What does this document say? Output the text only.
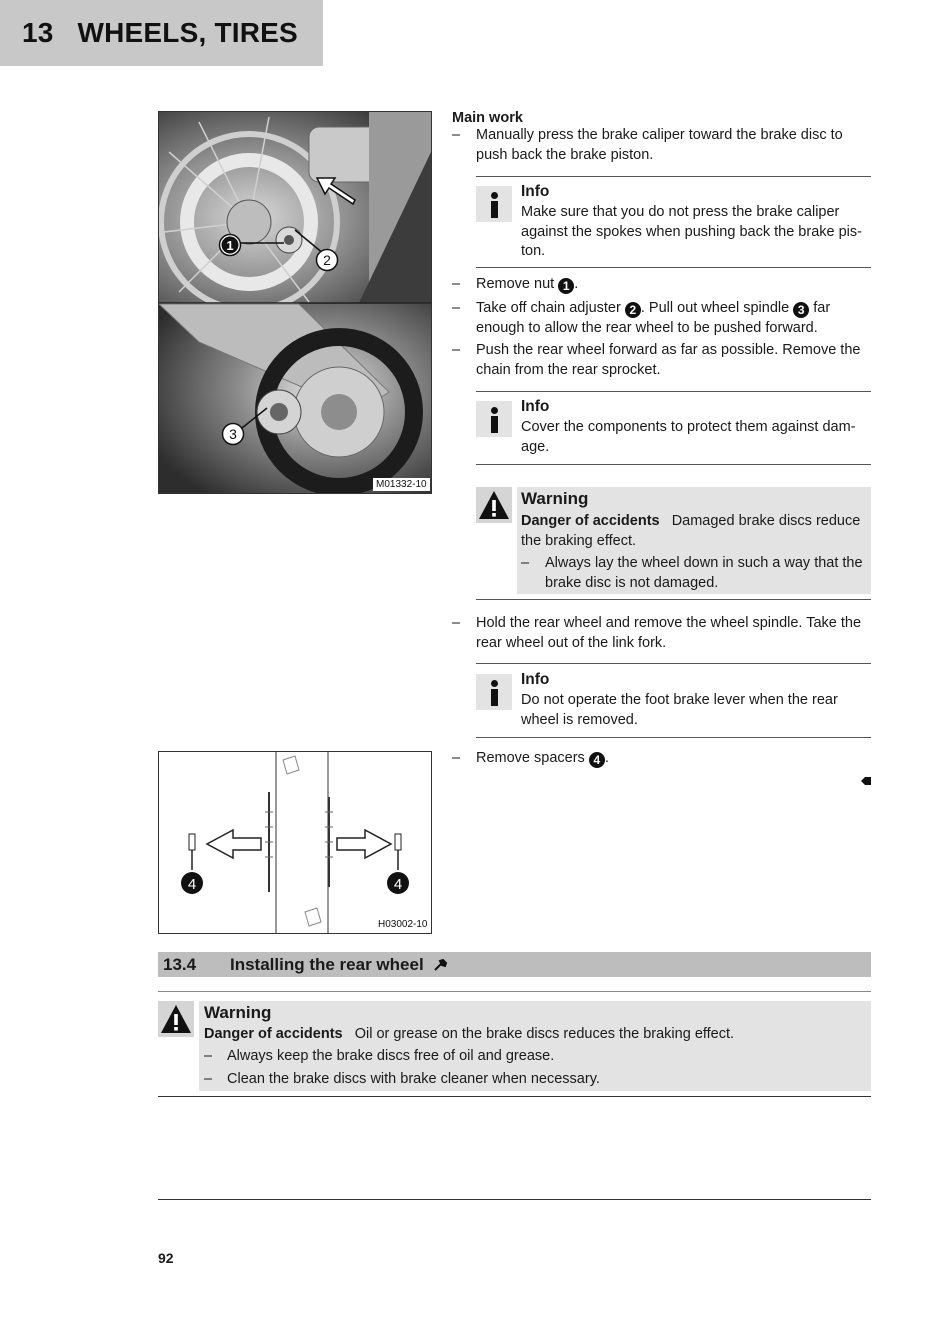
13 WHEELS, TIRES
1
2
3
M01332-10
4	4
H03002-10
Main work
– Manually press the brake caliper toward the brake disc to push back the brake piston.
Info
Make sure that you do not press the brake caliper against the spokes when pushing back the brake pis-ton.
– Remove nut 1 .
– Take off chain adjuster 2 . Pull out wheel spindle 3 far enough to allow the rear wheel to be pushed forward.
– Push the rear wheel forward as far as possible. Remove the chain from the rear sprocket.
Info
Cover the components to protect them against dam-age.
Warning
Danger of accidents Damaged brake discs reduce the braking effect.
– Always lay the wheel down in such a way that the brake disc is not damaged.
– Hold the rear wheel and remove the wheel spindle. Take the rear wheel out of the link fork.
Info
Do not operate the foot brake lever when the rear wheel is removed.
– Remove spacers 4 .
13.4 Installing the rear wheel
Warning
Danger of accidents Oil or grease on the brake discs reduces the braking effect.
– Always keep the brake discs free of oil and grease.
– Clean the brake discs with brake cleaner when necessary.
92
